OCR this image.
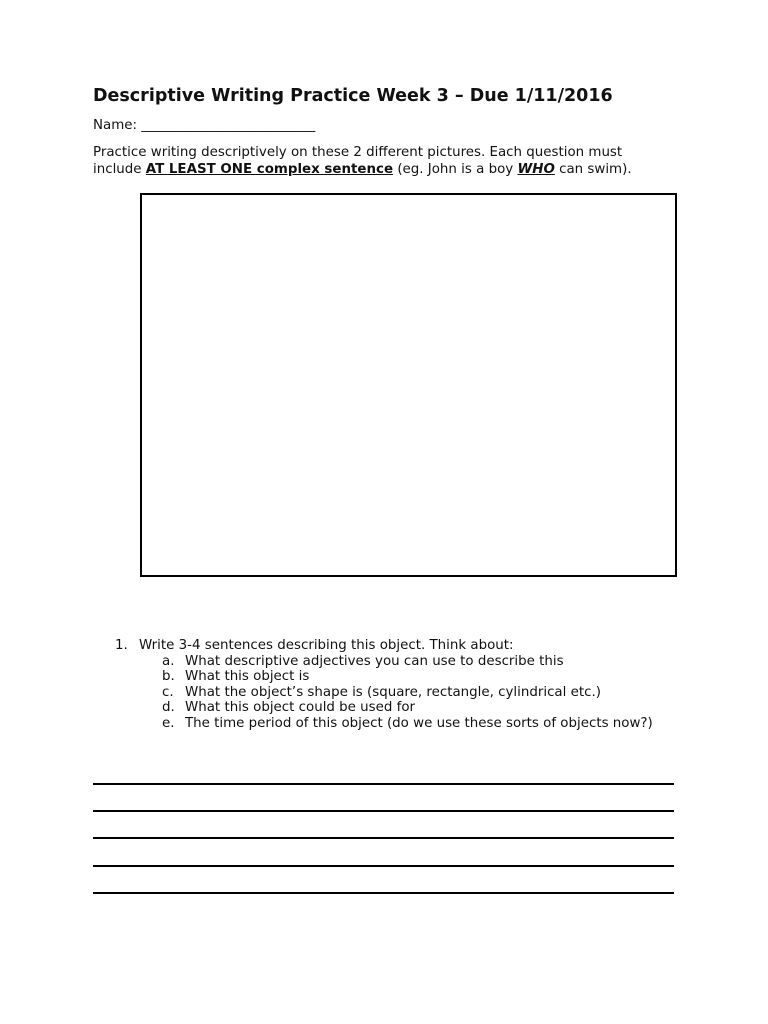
Descriptive Writing Practice Week 3 – Due 1/11/2016
Name: __________________________
Practice writing descriptively on these 2 different pictures. Each question must
include AT LEAST ONE complex sentence (eg. John is a boy WHO can swim).
1. Write 3-4 sentences describing this object. Think about:
a. What descriptive adjectives you can use to describe this
b. What this object is
c. What the object’s shape is (square, rectangle, cylindrical etc.)
d. What this object could be used for
e. The time period of this object (do we use these sorts of objects now?)
